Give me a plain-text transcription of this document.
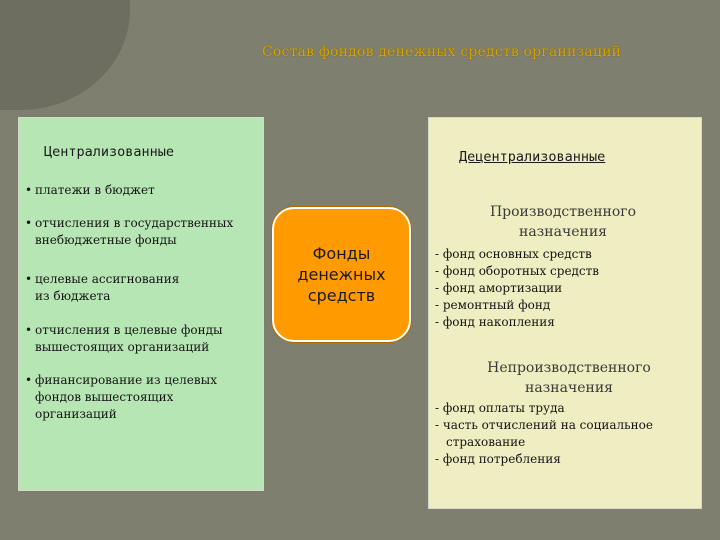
Состав фондов денежных средств организаций
Централизованные
• платежи в бюджет
• отчисления в государственных
внебюджетные фонды
• целевые ассигнования
из бюджета
• отчисления в целевые фонды
вышестоящих организаций
• финансирование из целевых
фондов вышестоящих
организаций
Фонды
денежных
средств
Децентрализованные
Производственного
назначения
- фонд основных средств
- фонд оборотных средств
- фонд амортизации
- ремонтный фонд
- фонд накопления
Непроизводственного
назначения
- фонд оплаты труда
- часть отчислений на социальное
страхование
- фонд потребления
